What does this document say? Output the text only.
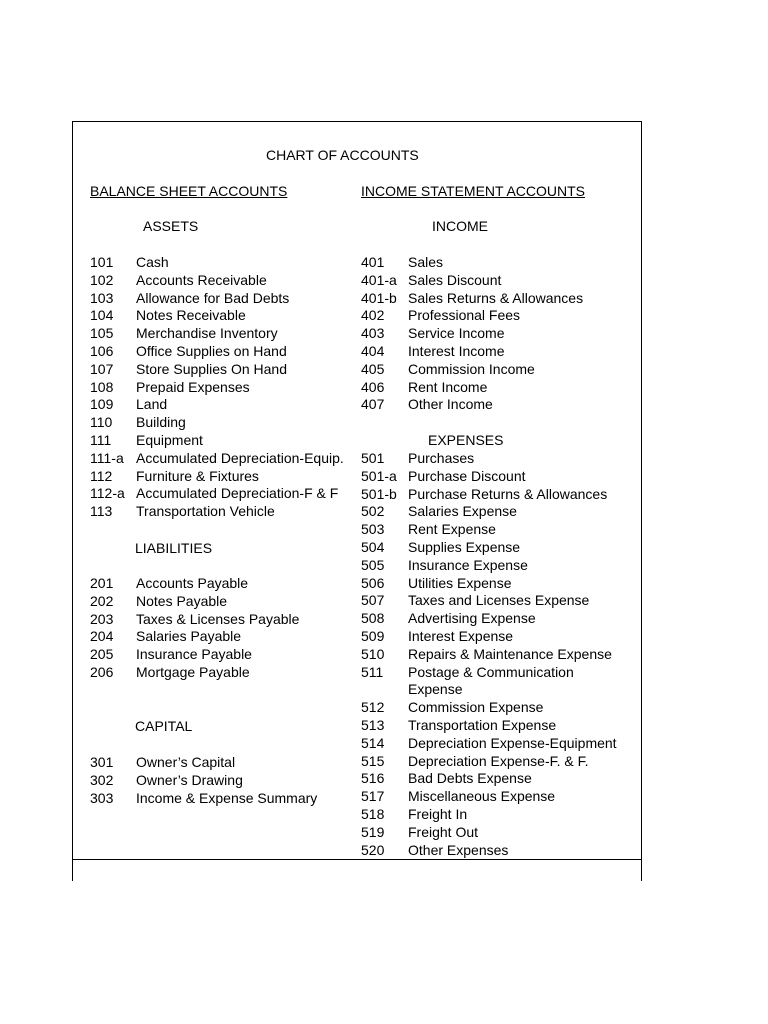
CHART OF ACCOUNTS
BALANCE SHEET ACCOUNTS	INCOME STATEMENT ACCOUNTS
ASSETS	INCOME
LIABILITIES
CAPITAL
EXPENSES
101 Cash
102 Accounts Receivable
103 Allowance for Bad Debts
104 Notes Receivable
105 Merchandise Inventory
106 Office Supplies on Hand
107 Store Supplies On Hand
108 Prepaid Expenses
109 Land
110 Building
111 Equipment
111-a Accumulated Depreciation-Equip.
112 Furniture & Fixtures
112-a Accumulated Depreciation-F & F
113 Transportation Vehicle
201 Accounts Payable
202 Notes Payable
203 Taxes & Licenses Payable
204 Salaries Payable
205 Insurance Payable
206 Mortgage Payable
301 Owner’s Capital
302 Owner’s Drawing
303 Income & Expense Summary
401 Sales
401-a Sales Discount
401-b Sales Returns & Allowances
402 Professional Fees
403 Service Income
404 Interest Income
405 Commission Income
406 Rent Income
407 Other Income
501 Purchases
501-a Purchase Discount
501-b Purchase Returns & Allowances
502 Salaries Expense
503 Rent Expense
504 Supplies Expense
505 Insurance Expense
506 Utilities Expense
507 Taxes and Licenses Expense
508 Advertising Expense
509 Interest Expense
510 Repairs & Maintenance Expense
511 Postage & Communication
Expense
512 Commission Expense
513 Transportation Expense
514 Depreciation Expense-Equipment
515 Depreciation Expense-F. & F.
516 Bad Debts Expense
517 Miscellaneous Expense
518 Freight In
519 Freight Out
520 Other Expenses
